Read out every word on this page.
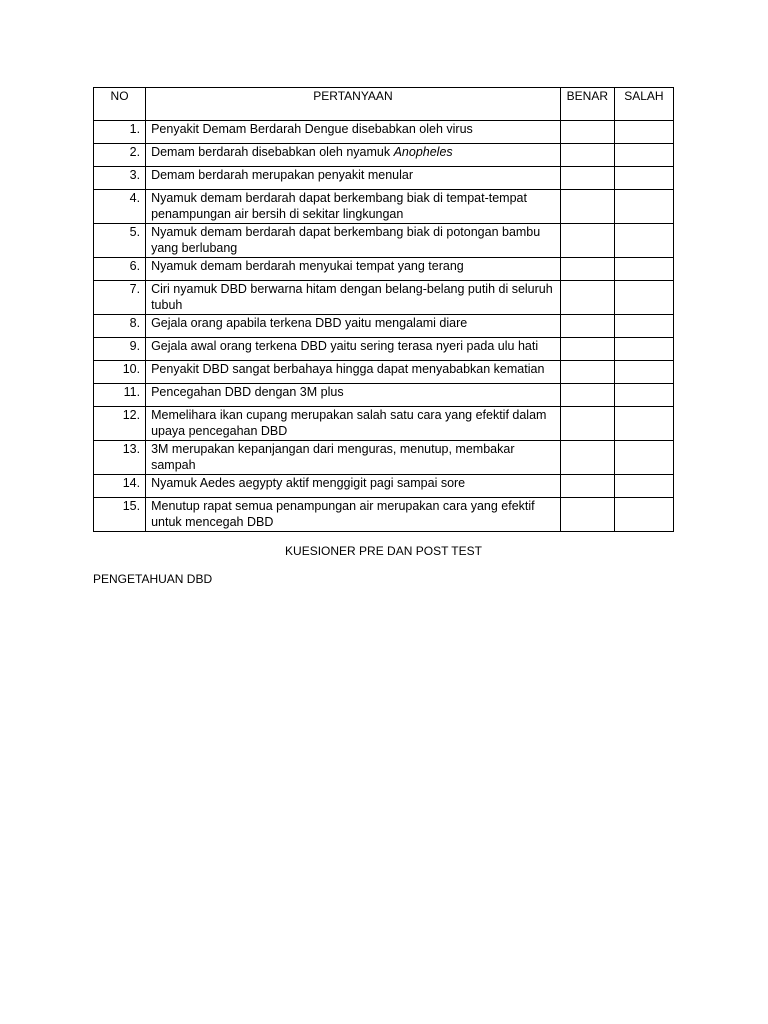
NO	PERTANYAAN	BENAR	SALAH
1.	Penyakit Demam Berdarah Dengue disebabkan oleh virus		
2.	Demam berdarah disebabkan oleh nyamuk Anopheles		
3.	Demam berdarah merupakan penyakit menular		
4.	Nyamuk demam berdarah dapat berkembang biak di tempat-tempat penampungan air bersih di sekitar lingkungan		
5.	Nyamuk demam berdarah dapat berkembang biak di potongan bambu yang berlubang		
6.	Nyamuk demam berdarah menyukai tempat yang terang		
7.	Ciri nyamuk DBD berwarna hitam dengan belang-belang putih di seluruh tubuh		
8.	Gejala orang apabila terkena DBD yaitu mengalami diare		
9.	Gejala awal orang terkena DBD yaitu sering terasa nyeri pada ulu hati		
10.	Penyakit DBD sangat berbahaya hingga dapat menyababkan kematian		
11.	Pencegahan DBD dengan 3M plus		
12.	Memelihara ikan cupang merupakan salah satu cara yang efektif dalam upaya pencegahan DBD		
13.	3M merupakan kepanjangan dari menguras, menutup, membakar sampah		
14.	Nyamuk Aedes aegypty aktif menggigit pagi sampai sore		
15.	Menutup rapat semua penampungan air merupakan cara yang efektif untuk mencegah DBD		
KUESIONER PRE DAN POST TEST
PENGETAHUAN DBD
